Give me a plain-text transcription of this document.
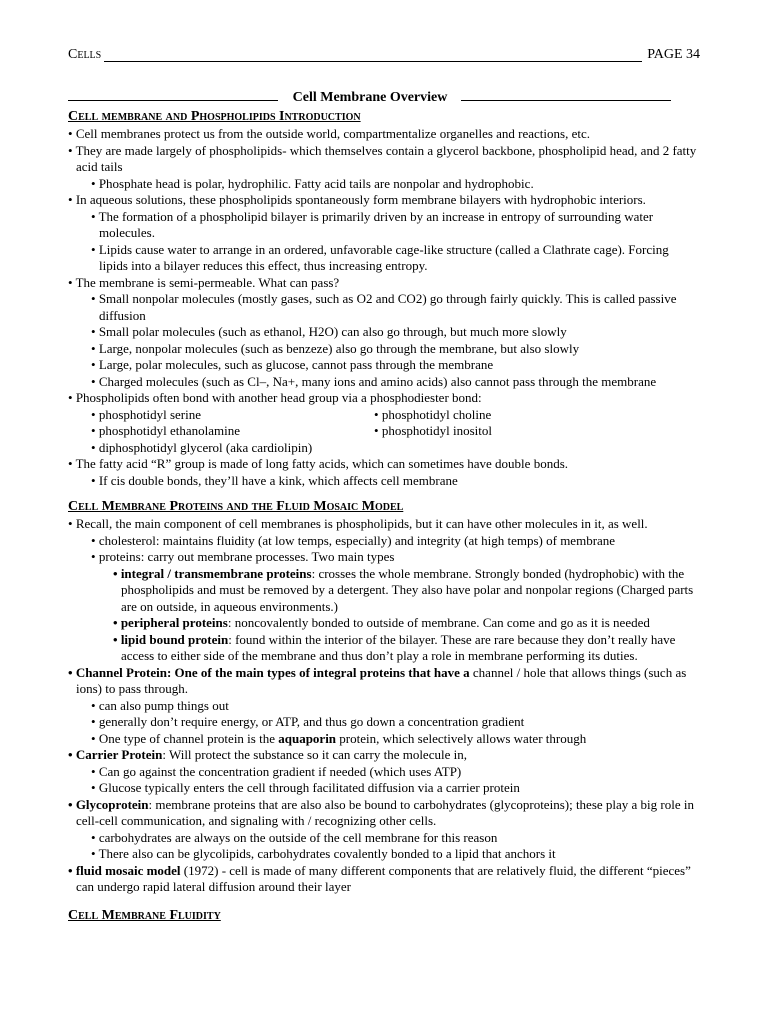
Cells	PAGE 34
Cell Membrane Overview

Cell membrane and Phospholipids Introduction

• Cell membranes protect us from the outside world, compartmentalize organelles and reactions, etc.

• They are made largely of phospholipids- which themselves contain a glycerol backbone, phospholipid head, and 2 fatty acid tails

• Phosphate head is polar, hydrophilic. Fatty acid tails are nonpolar and hydrophobic.

• In aqueous solutions, these phospholipids spontaneously form membrane bilayers with hydrophobic interiors.

• The formation of a phospholipid bilayer is primarily driven by an increase in entropy of surrounding water molecules.

• Lipids cause water to arrange in an ordered, unfavorable cage-like structure (called a Clathrate cage). Forcing lipids into a bilayer reduces this effect, thus increasing entropy.

• The membrane is semi-permeable. What can pass?

• Small nonpolar molecules (mostly gases, such as O2 and CO2) go through fairly quickly. This is called passive diffusion

• Small polar molecules (such as ethanol, H2O) can also go through, but much more slowly

• Large, nonpolar molecules (such as benzeze) also go through the membrane, but also slowly

• Large, polar molecules, such as glucose, cannot pass through the membrane

• Charged molecules (such as Cl–, Na+, many ions and amino acids) also cannot pass through the membrane

• Phospholipids often bond with another head group via a phosphodiester bond:

• phosphotidyl serine	• phosphotidyl choline
• phosphotidyl ethanolamine	• phosphotidyl inositol

• diphosphotidyl glycerol (aka cardiolipin)

• The fatty acid “R” group is made of long fatty acids, which can sometimes have double bonds.

• If cis double bonds, they’ll have a kink, which affects cell membrane

Cell Membrane Proteins and the Fluid Mosaic Model

• Recall, the main component of cell membranes is phospholipids, but it can have other molecules in it, as well.

• cholesterol: maintains fluidity (at low temps, especially) and integrity (at high temps) of membrane

• proteins: carry out membrane processes. Two main types

• integral / transmembrane proteins: crosses the whole membrane. Strongly bonded (hydrophobic) with the phospholipids and must be removed by a detergent. They also have polar and nonpolar regions (Charged parts are on outside, in aqueous environments.)

• peripheral proteins: noncovalently bonded to outside of membrane. Can come and go as it is needed

• lipid bound protein: found within the interior of the bilayer. These are rare because they don’t really have access to either side of the membrane and thus don’t play a role in membrane performing its duties.

• Channel Protein: One of the main types of integral proteins that have a channel / hole that allows things (such as ions) to pass through.

• can also pump things out

• generally don’t require energy, or ATP, and thus go down a concentration gradient

• One type of channel protein is the aquaporin protein, which selectively allows water through

• Carrier Protein: Will protect the substance so it can carry the molecule in,

• Can go against the concentration gradient if needed (which uses ATP)

• Glucose typically enters the cell through facilitated diffusion via a carrier protein

• Glycoprotein: membrane proteins that are also also be bound to carbohydrates (glycoproteins); these play a big role in cell-cell communication, and signaling with / recognizing other cells.

• carbohydrates are always on the outside of the cell membrane for this reason

• There also can be glycolipids, carbohydrates covalently bonded to a lipid that anchors it

• fluid mosaic model (1972) - cell is made of many different components that are relatively fluid, the different “pieces” can undergo rapid lateral diffusion around their layer

Cell Membrane Fluidity
